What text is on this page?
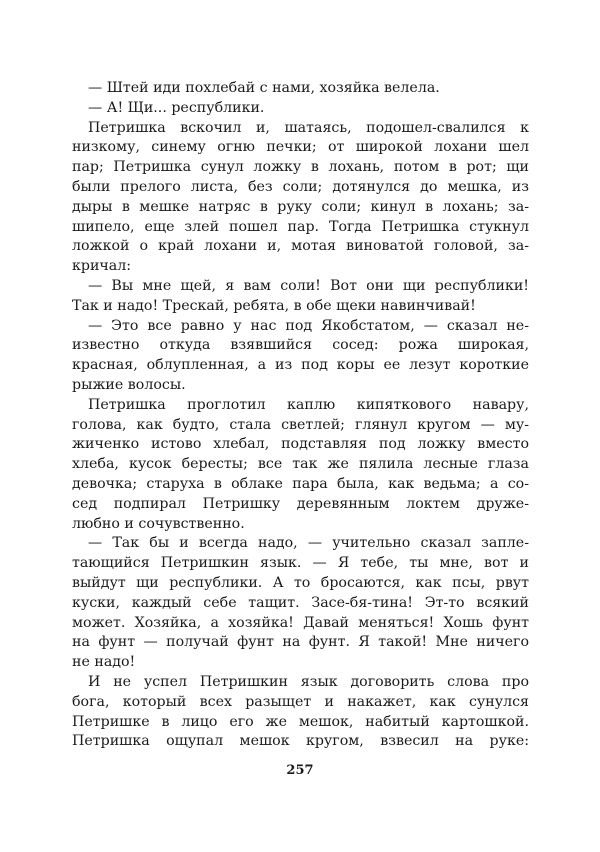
— Штей иди похлебай с нами, хозяйка велела.
— А! Щи... республики.
Петришка вскочил и, шатаясь, подошел-свалился к
низкому, синему огню печки; от широкой лохани шел
пар; Петришка сунул ложку в лохань, потом в рот; щи
были прелого листа, без соли; дотянулся до мешка, из
дыры в мешке натряс в руку соли; кинул в лохань; за-
шипело, еще злей пошел пар. Тогда Петришка стукнул
ложкой о край лохани и, мотая виноватой головой, за-
кричал:
— Вы мне щей, я вам соли! Вот они щи республики!
Так и надо! Трескай, ребята, в обе щеки навинчивай!
— Это все равно у нас под Якобстатом, — сказал не-
известно откуда взявшийся сосед: рожа широкая,
красная, облупленная, а из под коры ее лезут короткие
рыжие волосы.
Петришка проглотил каплю кипяткового навару,
голова, как будто, стала светлей; глянул кругом — му-
жиченко истово хлебал, подставляя под ложку вместо
хлеба, кусок бересты; все так же пялила лесные глаза
девочка; старуха в облаке пара была, как ведьма; а со-
сед подпирал Петришку деревянным локтем друже-
любно и сочувственно.
— Так бы и всегда надо, — учительно сказал запле-
тающийся Петришкин язык. — Я тебе, ты мне, вот и
выйдут щи республики. А то бросаются, как псы, рвут
куски, каждый себе тащит. Засе-бя-тина! Эт-то всякий
может. Хозяйка, а хозяйка! Давай меняться! Хошь фунт
на фунт — получай фунт на фунт. Я такой! Мне ничего
не надо!
И не успел Петришкин язык договорить слова про
бога, который всех разыщет и накажет, как сунулся
Петришке в лицо его же мешок, набитый картошкой.
Петришка ощупал мешок кругом, взвесил на руке:
257
